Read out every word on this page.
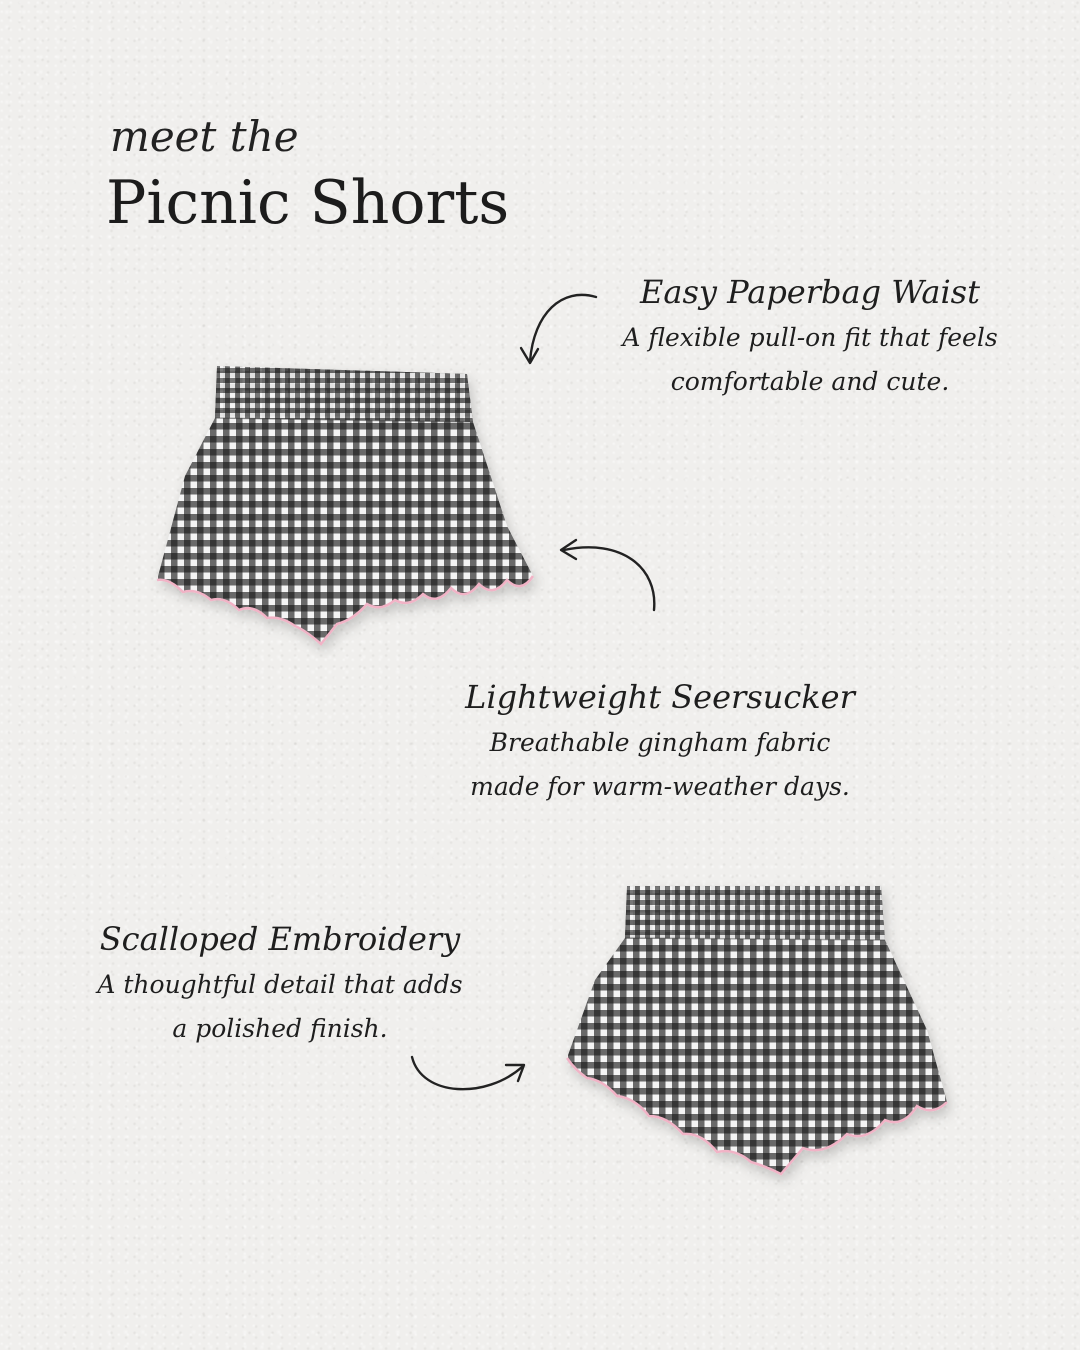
meet the
Picnic Shorts
Easy Paperbag Waist
A flexible pull-on fit that feels
comfortable and cute.
Lightweight Seersucker
Breathable gingham fabric
made for warm-weather days.
Scalloped Embroidery
A thoughtful detail that adds
a polished finish.
